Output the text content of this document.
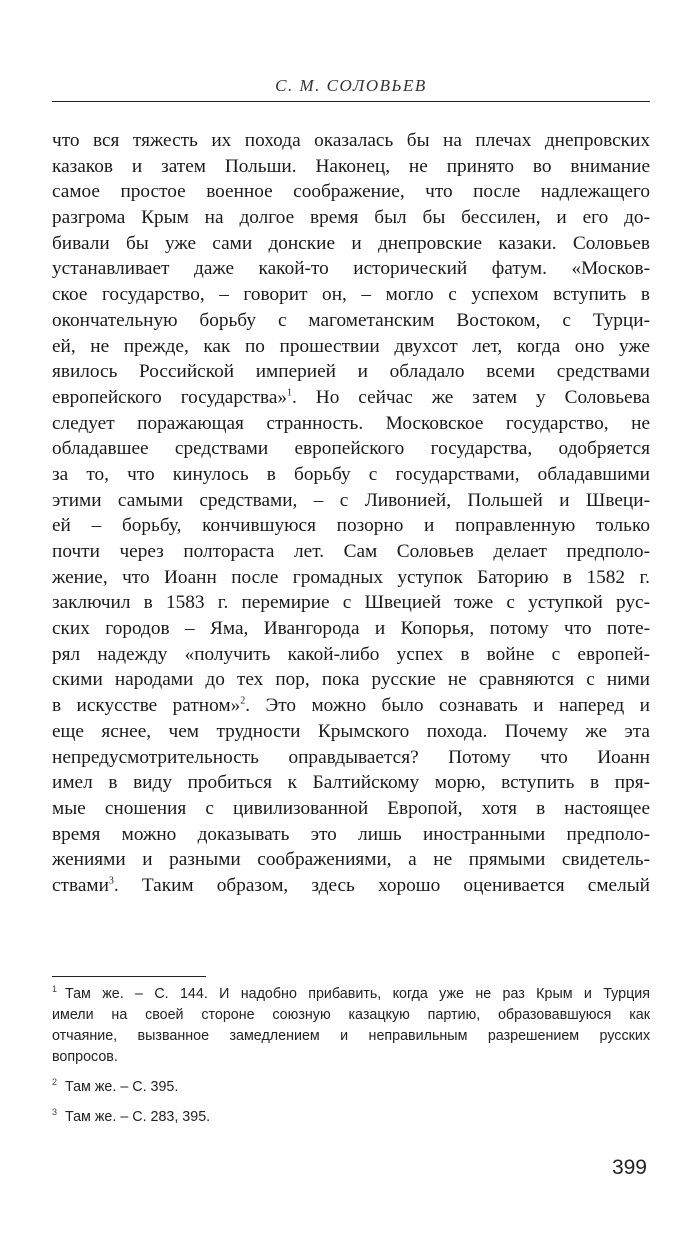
С. М. СОЛОВЬЕВ
что вся тяжесть их похода оказалась бы на плечах днепровских
казаков и затем Польши. Наконец, не принято во внимание
самое простое военное соображение, что после надлежащего
разгрома Крым на долгое время был бы бессилен, и его до-
бивали бы уже сами донские и днепровские казаки. Соловьев
устанавливает даже какой-то исторический фатум. «Москов-
ское государство, – говорит он, – могло с успехом вступить в
окончательную борьбу с магометанским Востоком, с Турци-
ей, не прежде, как по прошествии двухсот лет, когда оно уже
явилось Российской империей и обладало всеми средствами
европейского государства»$^1$. Но сейчас же затем у Соловьева
следует поражающая странность. Московское государство, не
обладавшее средствами европейского государства, одобряется
за то, что кинулось в борьбу с государствами, обладавшими
этими самыми средствами, – с Ливонией, Польшей и Швеци-
ей – борьбу, кончившуюся позорно и поправленную только
почти через полтораста лет. Сам Соловьев делает предполо-
жение, что Иоанн после громадных уступок Баторию в 1582 г.
заключил в 1583 г. перемирие с Швецией тоже с уступкой рус-
ских городов – Яма, Ивангорода и Копорья, потому что поте-
рял надежду «получить какой-либо успех в войне с европей-
скими народами до тех пор, пока русские не сравняются с ними
в искусстве ратном»$^2$. Это можно было сознавать и наперед и
еще яснее, чем трудности Крымского похода. Почему же эта
непредусмотрительность оправдывается? Потому что Иоанн
имел в виду пробиться к Балтийскому морю, вступить в пря-
мые сношения с цивилизованной Европой, хотя в настоящее
время можно доказывать это лишь иностранными предполо-
жениями и разными соображениями, а не прямыми свидетель-
ствами$^3$. Таким образом, здесь хорошо оценивается смелый
$^1$ Там же. – С. 144. И надобно прибавить, когда уже не раз Крым и Турция
имели на своей стороне союзную казацкую партию, образовавшуюся как
отчаяние, вызванное замедлением и неправильным разрешением русских
вопросов.
$^2$ Там же. – С. 395.
$^3$ Там же. – С. 283, 395.
399
